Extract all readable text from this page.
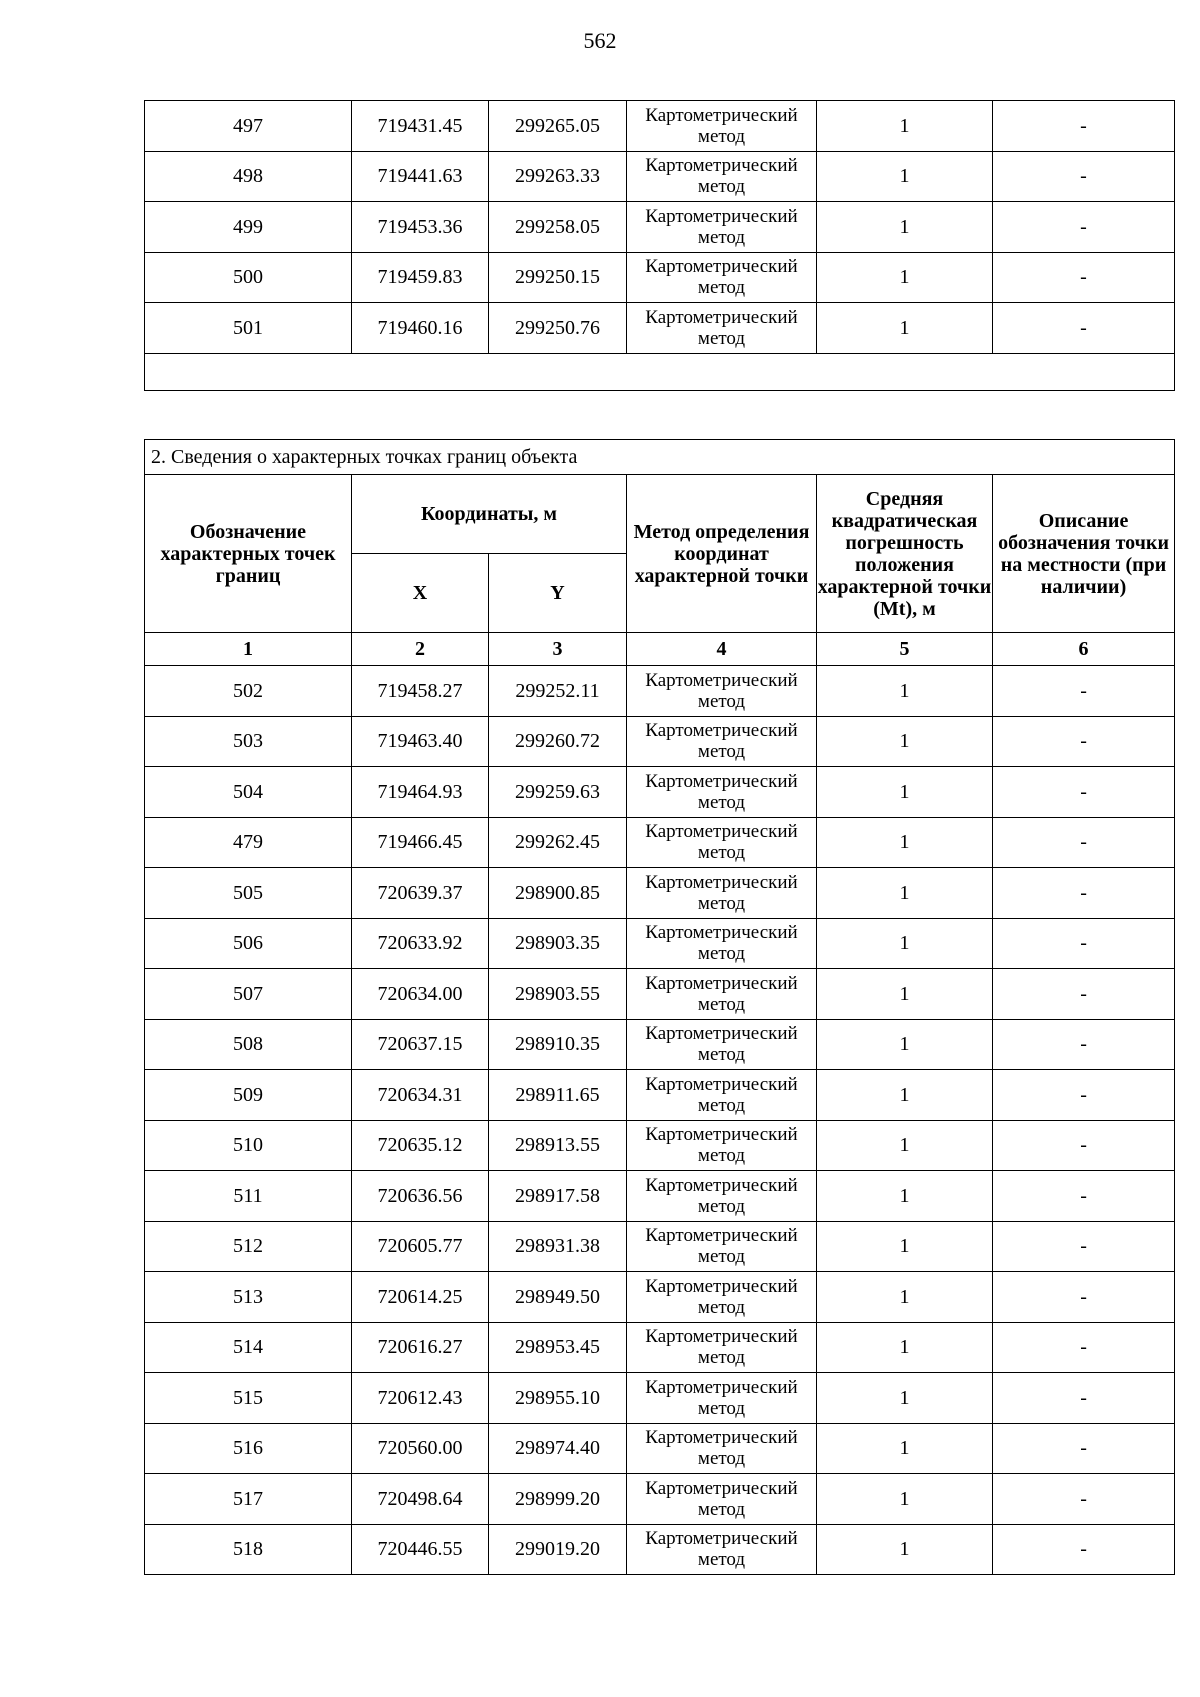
562
497	719431.45	299265.05	Картометрический метод	1	-
498	719441.63	299263.33	Картометрический метод	1	-
499	719453.36	299258.05	Картометрический метод	1	-
500	719459.83	299250.15	Картометрический метод	1	-
501	719460.16	299250.76	Картометрический метод	1	-

2. Сведения о характерных точках границ объекта					
Обозначение характерных точек границ	Координаты, м		Метод определения координат характерной точки	Средняя квадратическая погрешность положения характерной точки (Mt), м	Описание обозначения точки на местности (при наличии)
	X	Y			
1	2	3	4	5	6
502	719458.27	299252.11	Картометрический метод	1	-
503	719463.40	299260.72	Картометрический метод	1	-
504	719464.93	299259.63	Картометрический метод	1	-
479	719466.45	299262.45	Картометрический метод	1	-
505	720639.37	298900.85	Картометрический метод	1	-
506	720633.92	298903.35	Картометрический метод	1	-
507	720634.00	298903.55	Картометрический метод	1	-
508	720637.15	298910.35	Картометрический метод	1	-
509	720634.31	298911.65	Картометрический метод	1	-
510	720635.12	298913.55	Картометрический метод	1	-
511	720636.56	298917.58	Картометрический метод	1	-
512	720605.77	298931.38	Картометрический метод	1	-
513	720614.25	298949.50	Картометрический метод	1	-
514	720616.27	298953.45	Картометрический метод	1	-
515	720612.43	298955.10	Картометрический метод	1	-
516	720560.00	298974.40	Картометрический метод	1	-
517	720498.64	298999.20	Картометрический метод	1	-
518	720446.55	299019.20	Картометрический метод	1	-
